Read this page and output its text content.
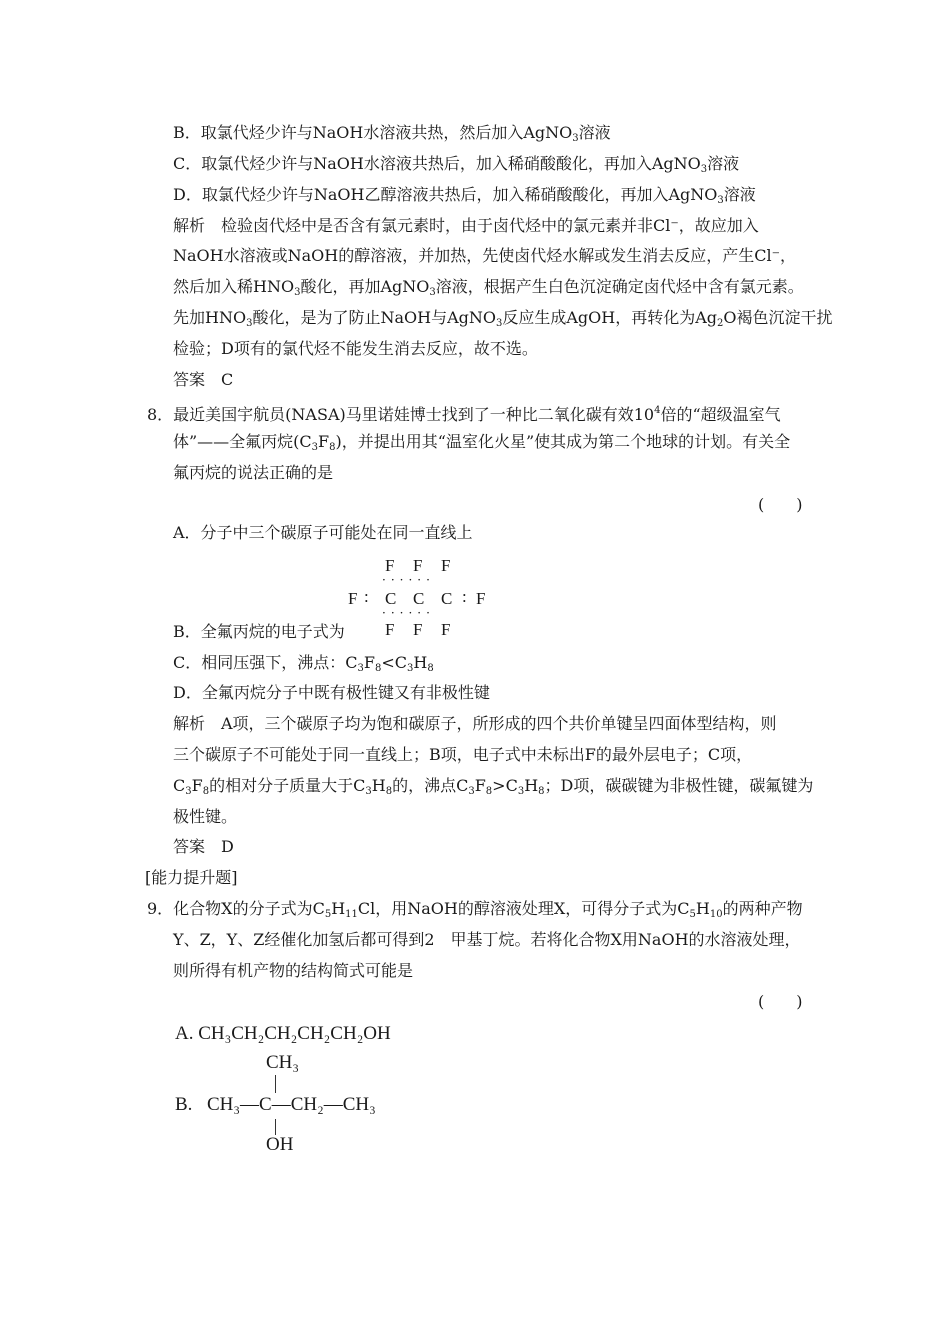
B．取氯代烃少许与NaOH水溶液共热，然后加入AgNO$_3$溶液
C．取氯代烃少许与NaOH水溶液共热后，加入稀硝酸酸化，再加入AgNO$_3$溶液
D．取氯代烃少许与NaOH乙醇溶液共热后，加入稀硝酸酸化，再加入AgNO$_3$溶液
解析　检验卤代烃中是否含有氯元素时，由于卤代烃中的氯元素并非Cl⁻，故应加入
NaOH水溶液或NaOH的醇溶液，并加热，先使卤代烃水解或发生消去反应，产生Cl⁻，
然后加入稀$HNO_3$酸化，再加AgNO$_3$溶液，根据产生白色沉淀确定卤代烃中含有氯元素。
先加$HNO_3$酸化，是为了防止NaOH与AgNO$_3$反应生成AgOH，再转化为$Ag_2O$褐色沉淀干扰
检验；D项有的氯代烃不能发生消去反应，故不选。
答案　C
8．最近美国宇航员(NASA)马里诺娃博士找到了一种比二氧化碳有效$10^4$倍的“超级温室气
体”——全氟丙烷$(C_3F_8)$，并提出用其“温室化火星”使其成为第二个地球的计划。有关全
氟丙烷的说法正确的是
(　　)
A．分子中三个碳原子可能处在同一直线上
F F F
······
F : C C C : F
······
F F F
B．全氟丙烷的电子式为
C．相同压强下，沸点：$C_3F_8<C_3H_8$
D．全氟丙烷分子中既有极性键又有非极性键
解析　A项，三个碳原子均为饱和碳原子，所形成的四个共价单键呈四面体型结构，则
三个碳原子不可能处于同一直线上；B项，电子式中未标出F的最外层电子；C项，
$C_3F_8$的相对分子质量大于$C_3H_8$的，沸点$C_3F_8>C_3H_8$；D项，碳碳键为非极性键，碳氟键为
极性键。
答案　D
[能力提升题]
9．化合物X的分子式为$C_5H_{11}Cl$，用NaOH的醇溶液处理X，可得分子式为$C_5H_{10}$的两种产物
Y、Z，Y、Z经催化加氢后都可得到2　甲基丁烷。若将化合物X用NaOH的水溶液处理，
则所得有机产物的结构简式可能是
(　　)
A. CH₃CH₂CH₂CH₂CH₂OH
CH₃
B. CH₃—C—CH₂—CH₃
OH
